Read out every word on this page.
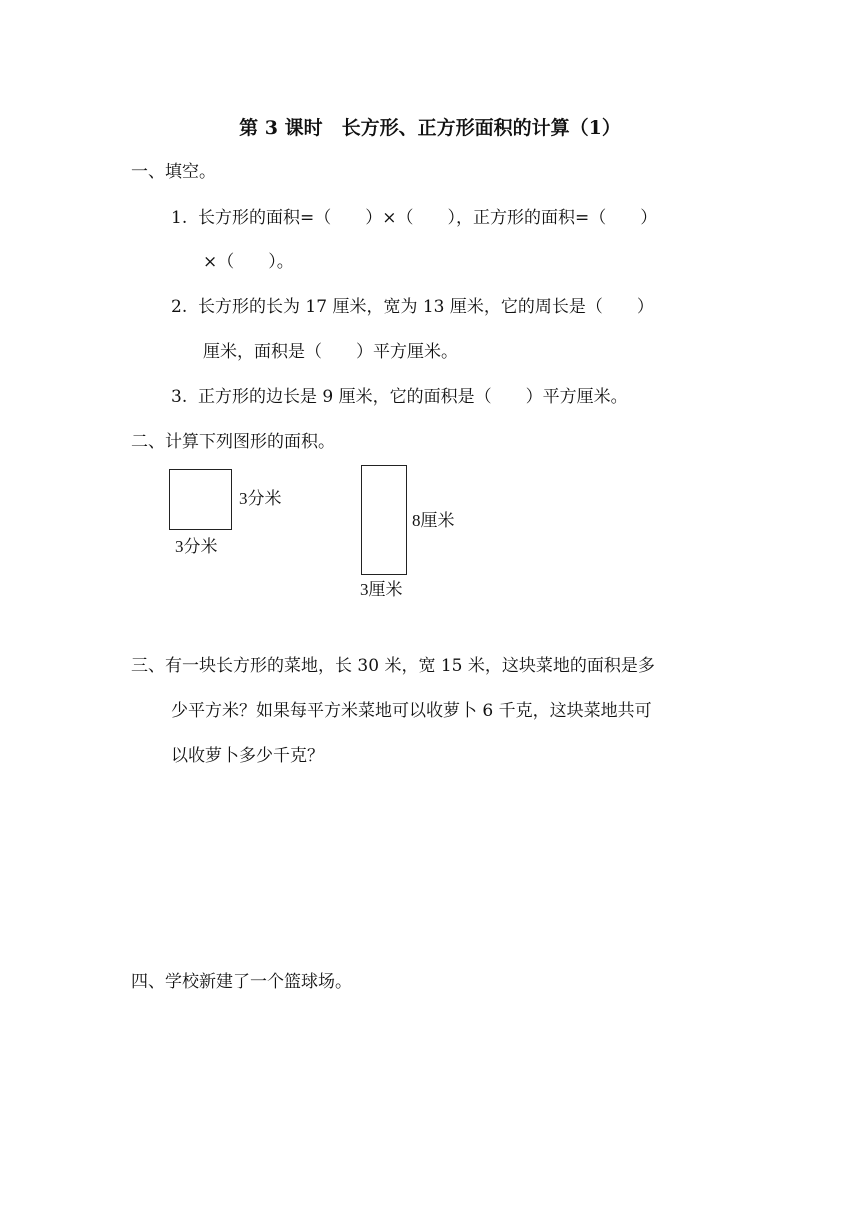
第 3 课时　长方形、正方形面积的计算（1）
一、填空。
1.  长方形的面积=（　　）×（　　），正方形的面积=（　　）
×（　　）。
2.  长方形的长为 17 厘米，宽为 13 厘米，它的周长是（　　）
厘米，面积是（　　）平方厘米。
3.  正方形的边长是 9 厘米，它的面积是（　　）平方厘米。
二、计算下列图形的面积。
3分米
3分米
8厘米
3厘米
三、有一块长方形的菜地，长 30 米，宽 15 米，这块菜地的面积是多
少平方米？如果每平方米菜地可以收萝卜 6 千克，这块菜地共可
以收萝卜多少千克？
四、学校新建了一个篮球场。
